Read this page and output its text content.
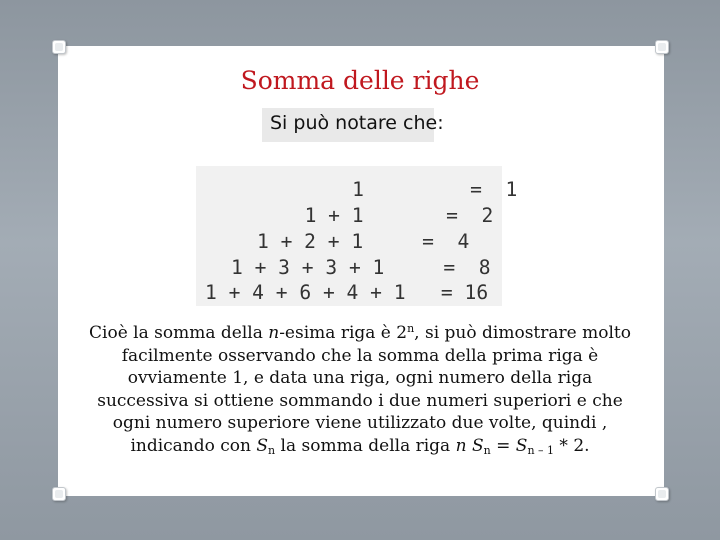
Somma delle righe
Si può notare che:
1         =  1
1 + 1       =  2
1 + 2 + 1     =  4
1 + 3 + 3 + 1     =  8
1 + 4 + 6 + 4 + 1   = 16
Cioè la somma della n-esima riga è 2$^n$, si può dimostrare molto facilmente osservando che la somma della prima riga è ovviamente 1, e data una riga, ogni numero della riga successiva si ottiene sommando i due numeri superiori e che ogni numero superiore viene utilizzato due volte, quindi , indicando con $S_n$ la somma della riga n $S_n = S_{n - 1} * 2$.
